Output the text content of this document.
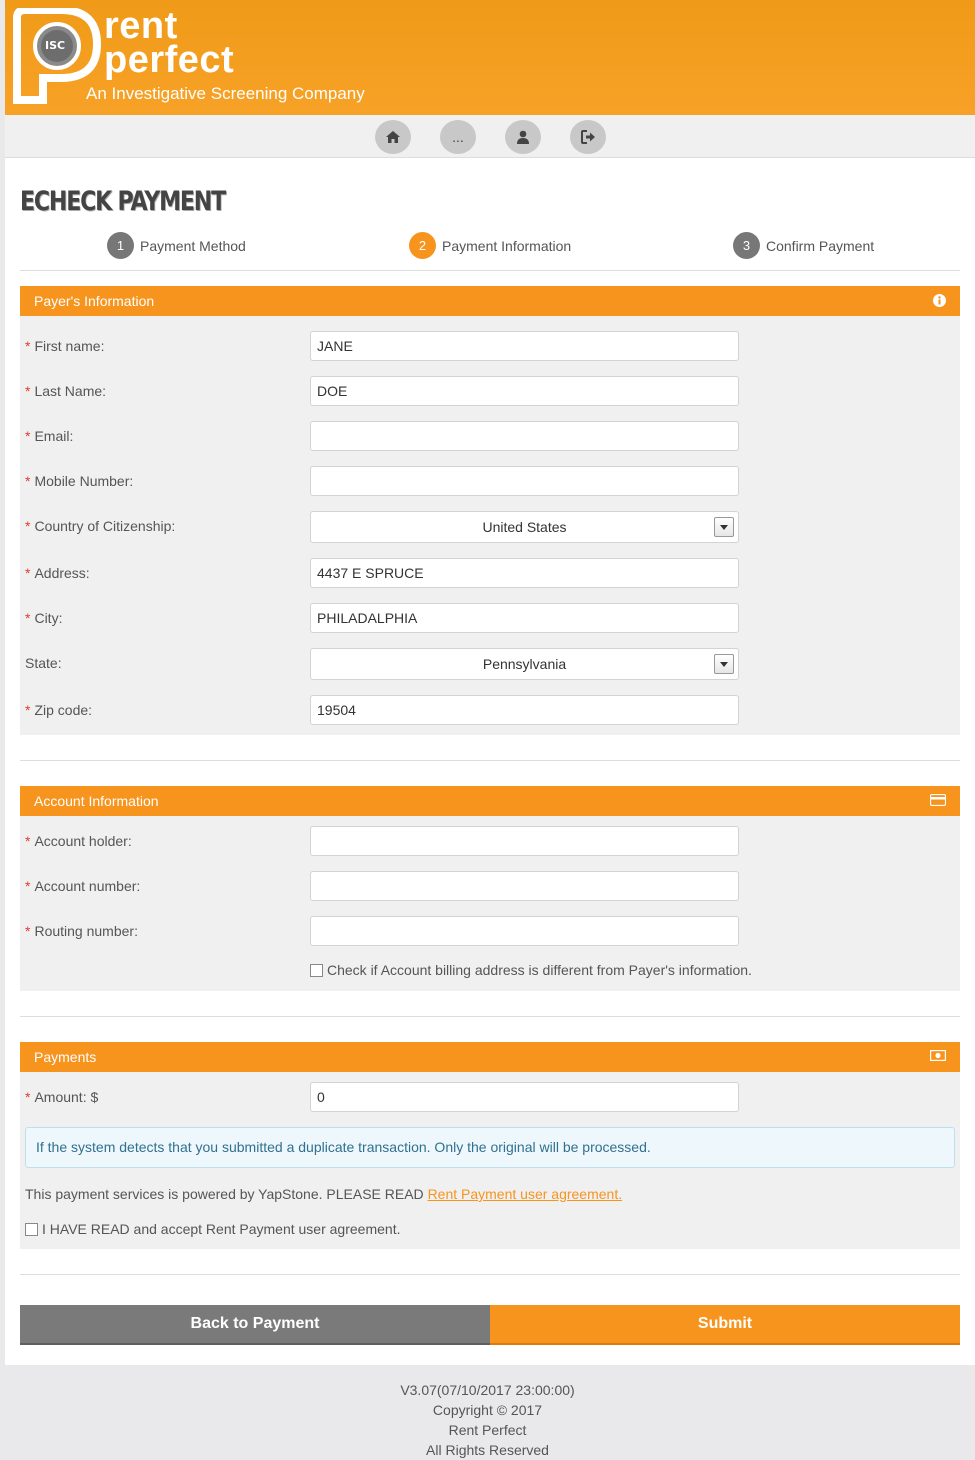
ISC rent
perfect
An Investigative Screening Company
...
ECHECK PAYMENT
1	Payment Method	2	Payment Information	3	Confirm Payment
Payer's Information
* First name:	JANE
* Last Name:	DOE
* Email:
* Mobile Number:
* Country of Citizenship:	United States
* Address:	4437 E SPRUCE
* City:	PHILADALPHIA
State:	Pennsylvania
* Zip code:	19504
Account Information
* Account holder:
* Account number:
* Routing number:
Check if Account billing address is different from Payer's information.
Payments
* Amount: $	0
If the system detects that you submitted a duplicate transaction. Only the original will be processed.
This payment services is powered by YapStone. PLEASE READ Rent Payment user agreement.
I HAVE READ and accept Rent Payment user agreement.
Back to Payment	Submit
V3.07(07/10/2017 23:00:00)
Copyright © 2017
Rent Perfect
All Rights Reserved
